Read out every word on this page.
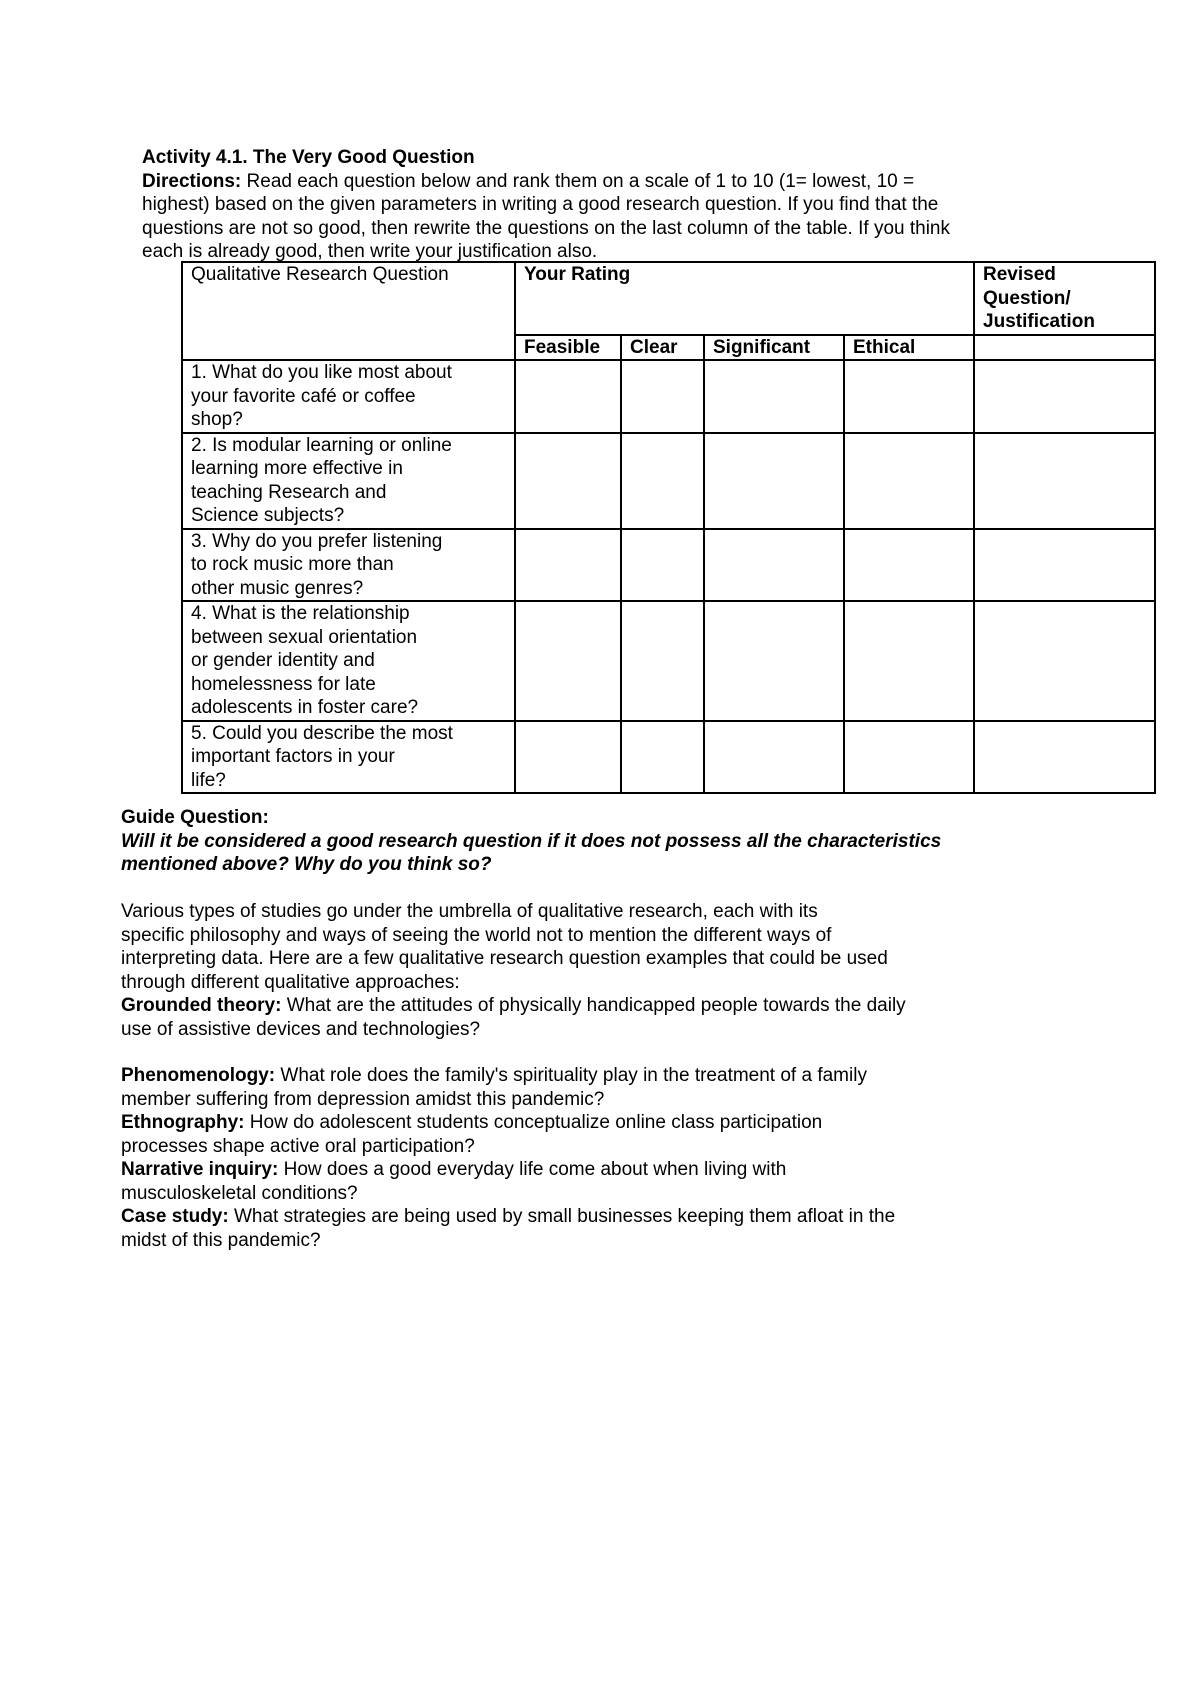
Activity 4.1. The Very Good Question

Directions: Read each question below and rank them on a scale of 1 to 10 (1= lowest, 10 = highest) based on the given parameters in writing a good research question. If you find that the questions are not so good, then rewrite the questions on the last column of the table. If you think each is already good, then write your justification also.

Qualitative Research Question	Your Rating				Revised Question/ Justification
	Feasible	Clear	Significant	Ethical	
1. What do you like most about
your favorite café or coffee
shop?					
2. Is modular learning or online
learning more effective in
teaching Research and
Science subjects?					
3. Why do you prefer listening
to rock music more than
other music genres?					
4. What is the relationship
between sexual orientation
or gender identity and
homelessness for late
adolescents in foster care?					
5. Could you describe the most
important factors in your
life?					

Guide Question:

Will it be considered a good research question if it does not possess all the characteristics
mentioned above? Why do you think so?

Various types of studies go under the umbrella of qualitative research, each with its
specific philosophy and ways of seeing the world not to mention the different ways of
interpreting data. Here are a few qualitative research question examples that could be used
through different qualitative approaches:

Grounded theory: What are the attitudes of physically handicapped people towards the daily
use of assistive devices and technologies?

Phenomenology: What role does the family's spirituality play in the treatment of a family
member suffering from depression amidst this pandemic?

Ethnography: How do adolescent students conceptualize online class participation
processes shape active oral participation?

Narrative inquiry: How does a good everyday life come about when living with
musculoskeletal conditions?

Case study: What strategies are being used by small businesses keeping them afloat in the
midst of this pandemic?
